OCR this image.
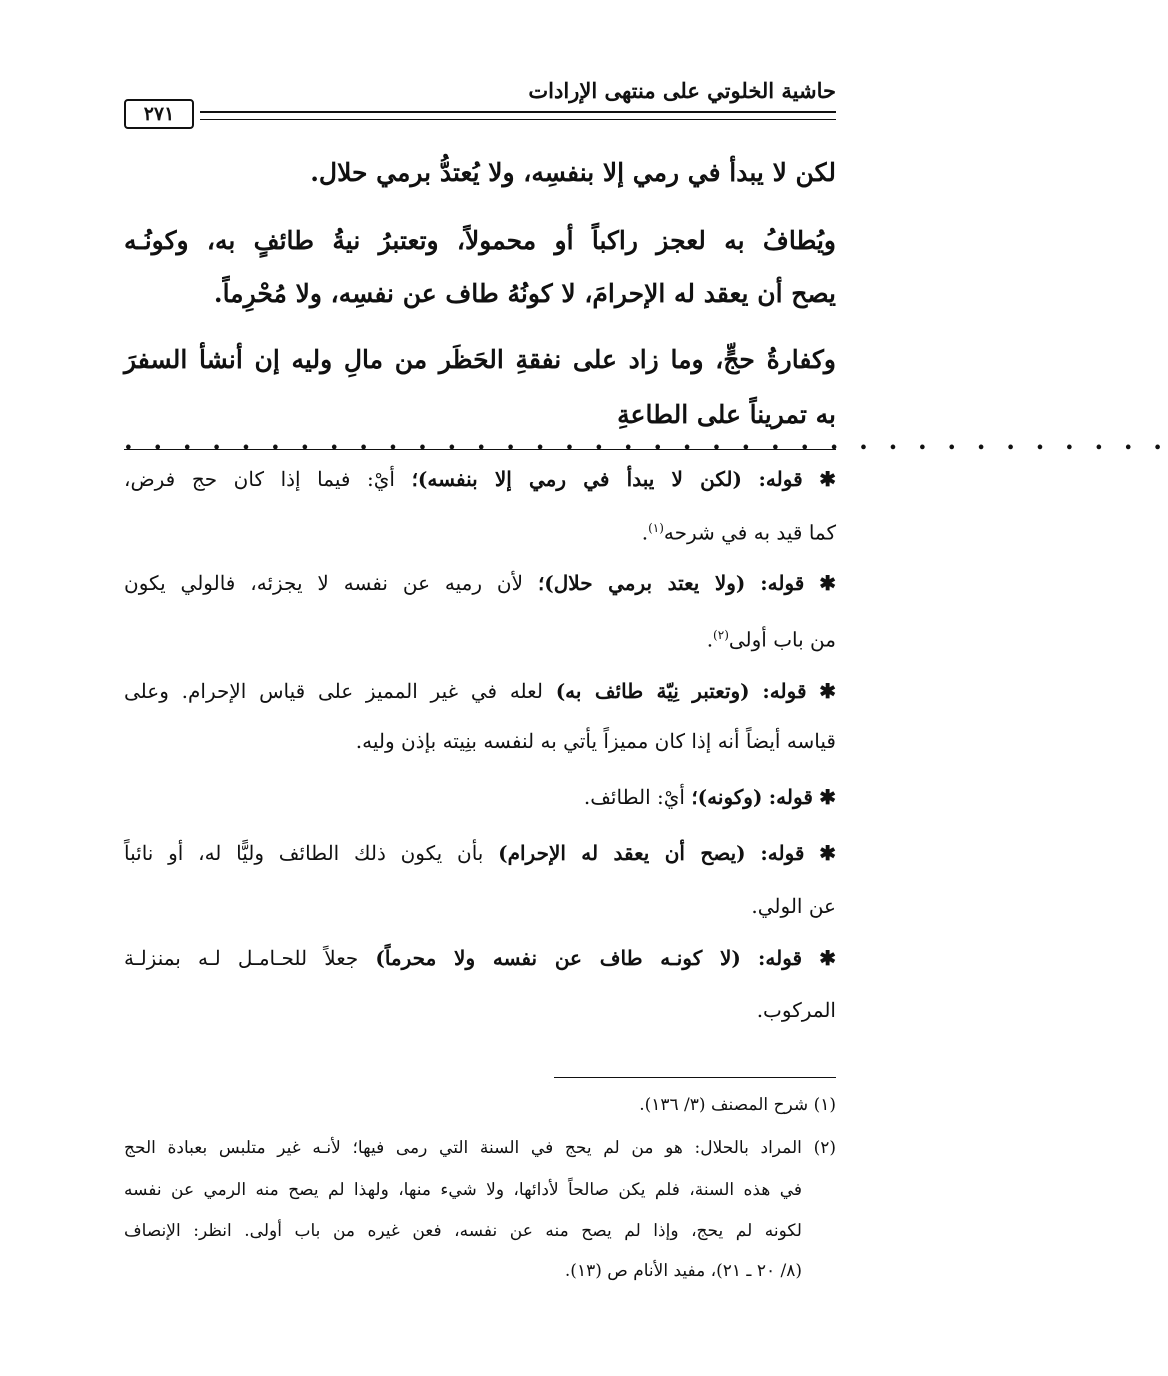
حاشية الخلوتي على منتهى الإرادات
٢٧١
لكن لا يبدأ في رمي إلا بنفسِه، ولا يُعتدُّ برمي حلال.
ويُطافُ به لعجز راكباً أو محمولاً، وتعتبرُ نيةُ طائفٍ به، وكونُـه
يصح أن يعقد له الإحرامَ، لا كونُهُ طاف عن نفسِه، ولا مُحْرِماً.
وكفارةُ حجٍّ، وما زاد على نفقةِ الحَظَر من مالِ وليه إن أنشأ السفرَ
به تمريناً على الطاعةِ
. . . . . . . . . . . . . . . . . . . . . . . . . . . . . . . . . . . .
✱ قوله: (لكن لا يبدأ في رمي إلا بنفسه)؛ أيْ: فيما إذا كان حج فرض،
كما قيد به في شرحه$^{(١)}$.
✱ قوله: (ولا يعتد برمي حلال)؛ لأن رميه عن نفسه لا يجزئه، فالولي يكون
من باب أولى$^{(٢)}$.
✱ قوله: (وتعتبر نِيّة طائف به) لعله في غير المميز على قياس الإحرام. وعلى
قياسه أيضاً أنه إذا كان مميزاً يأتي به لنفسه بنِيته بإذن وليه.
✱ قوله: (وكونه)؛ أيْ: الطائف.
✱ قوله: (يصح أن يعقد له الإحرام) بأن يكون ذلك الطائف وليًّا له، أو نائباً
عن الولي.
✱ قوله: (لا كونـه طاف عن نفسه ولا محرماً) جعلاً للحـامـل لـه بمنزلـة
المركوب.
(١) شرح المصنف (٣/ ١٣٦).
(٢) المراد بالحلال: هو من لم يحج في السنة التي رمى فيها؛ لأنـه غير متلبس بعبادة الحج
في هذه السنة، فلم يكن صالحاً لأدائها، ولا شيء منها، ولهذا لم يصح منه الرمي عن نفسه
لكونه لم يحج، وإذا لم يصح منه عن نفسه، فعن غيره من باب أولى. انظر: الإنصاف
(٨/ ٢٠ ـ ٢١)، مفيد الأنام ص (١٣).
